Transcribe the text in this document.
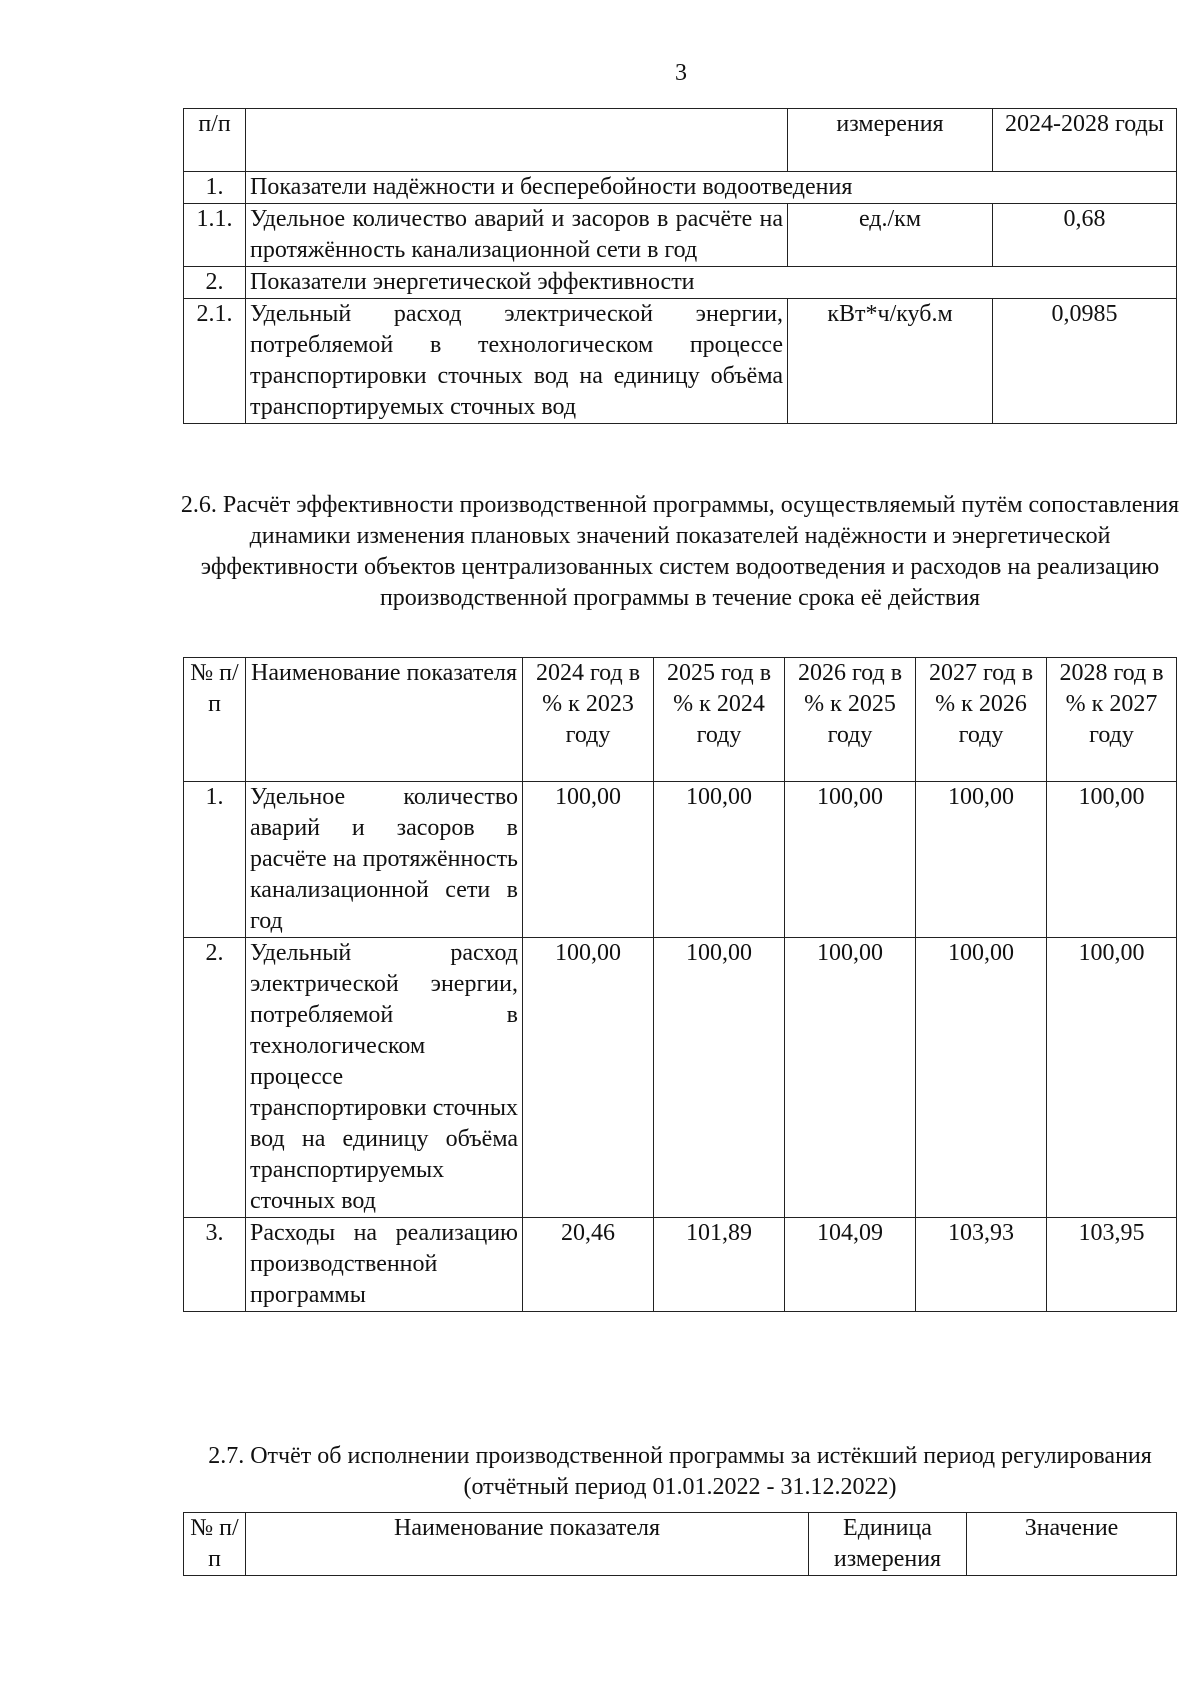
3
п/п		измерения	2024-2028 годы
1.	Показатели надёжности и бесперебойности водоотведения		
1.1.	Удельное количество аварий и засоров в расчёте на протяжённость канализационной сети в год	ед./км	0,68
2.	Показатели энергетической эффективности		
2.1.	Удельный расход электрической энергии, потребляемой в технологическом процессе транспортировки сточных вод на единицу объёма транспортируемых сточных вод	кВт*ч/куб.м	0,0985
2.6. Расчёт эффективности производственной программы, осуществляемый путём сопоставления динамики изменения плановых значений показателей надёжности и энергетической эффективности объектов централизованных систем водоотведения и расходов на реализацию производственной программы в течение срока её действия
№ п/п	Наименование показателя	2024 год в % к 2023 году	2025 год в % к 2024 году	2026 год в % к 2025 году	2027 год в % к 2026 году	2028 год в % к 2027 году
1.	Удельное количество аварий и засоров в расчёте на протяжённость канализационной сети в год	100,00	100,00	100,00	100,00	100,00
2.	Удельный расход электрической энергии, потребляемой в технологическом процессе транспортировки сточных вод на единицу объёма транспортируемых сточных вод	100,00	100,00	100,00	100,00	100,00
3.	Расходы на реализацию производственной программы	20,46	101,89	104,09	103,93	103,95
2.7. Отчёт об исполнении производственной программы за истёкший период регулирования (отчётный период 01.01.2022 - 31.12.2022)
№ п/п	Наименование показателя	Единица измерения	Значение
